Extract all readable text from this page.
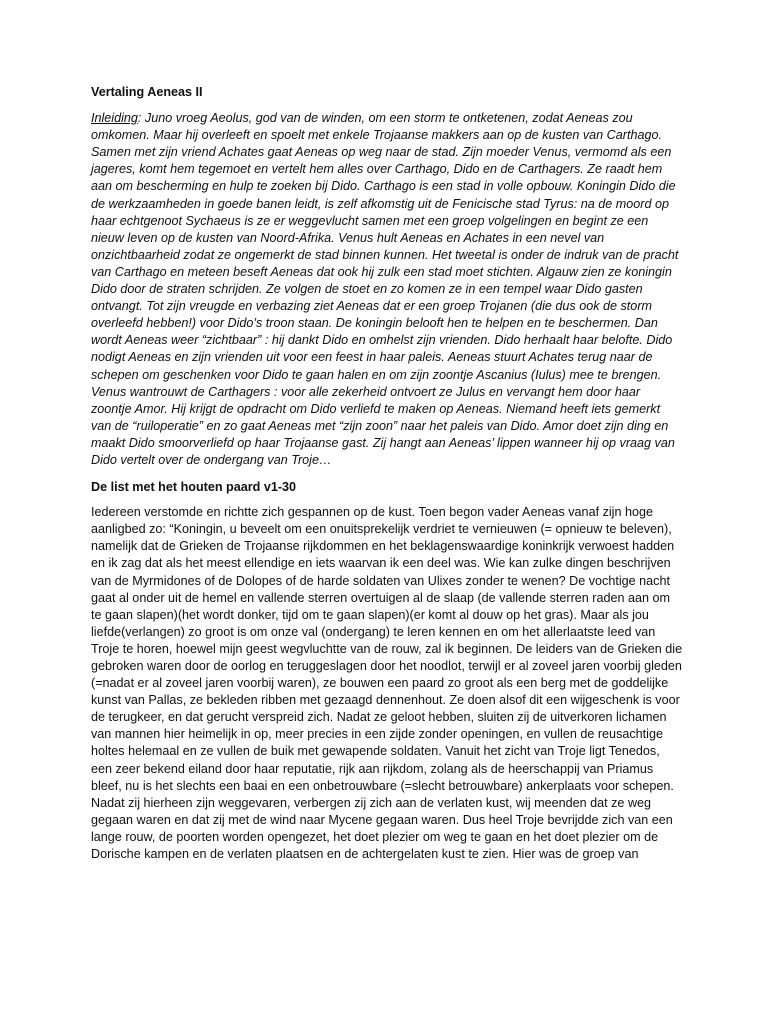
Vertaling Aeneas II

Inleiding: Juno vroeg Aeolus, god van de winden, om een storm te ontketenen, zodat Aeneas zou omkomen. Maar hij overleeft en spoelt met enkele Trojaanse makkers aan op de kusten van Carthago. Samen met zijn vriend Achates gaat Aeneas op weg naar de stad. Zijn moeder Venus, vermomd als een jageres, komt hem tegemoet en vertelt hem alles over Carthago, Dido en de Carthagers. Ze raadt hem aan om bescherming en hulp te zoeken bij Dido. Carthago is een stad in volle opbouw. Koningin Dido die de werkzaamheden in goede banen leidt, is zelf afkomstig uit de Fenicische stad Tyrus: na de moord op haar echtgenoot Sychaeus is ze er weggevlucht samen met een groep volgelingen en begint ze een nieuw leven op de kusten van Noord-Afrika. Venus hult Aeneas en Achates in een nevel van onzichtbaarheid zodat ze ongemerkt de stad binnen kunnen. Het tweetal is onder de indruk van de pracht van Carthago en meteen beseft Aeneas dat ook hij zulk een stad moet stichten. Algauw zien ze koningin Dido door de straten schrijden. Ze volgen de stoet en zo komen ze in een tempel waar Dido gasten ontvangt. Tot zijn vreugde en verbazing ziet Aeneas dat er een groep Trojanen (die dus ook de storm overleefd hebben!) voor Dido’s troon staan. De koningin belooft hen te helpen en te beschermen. Dan wordt Aeneas weer “zichtbaar” : hij dankt Dido en omhelst zijn vrienden. Dido herhaalt haar belofte. Dido nodigt Aeneas en zijn vrienden uit voor een feest in haar paleis. Aeneas stuurt Achates terug naar de schepen om geschenken voor Dido te gaan halen en om zijn zoontje Ascanius (Iulus) mee te brengen. Venus wantrouwt de Carthagers : voor alle zekerheid ontvoert ze Julus en vervangt hem door haar zoontje Amor. Hij krijgt de opdracht om Dido verliefd te maken op Aeneas. Niemand heeft iets gemerkt van de “ruiloperatie” en zo gaat Aeneas met “zijn zoon” naar het paleis van Dido. Amor doet zijn ding en maakt Dido smoorverliefd op haar Trojaanse gast. Zij hangt aan Aeneas’ lippen wanneer hij op vraag van Dido vertelt over de ondergang van Troje…

De list met het houten paard v1-30

Iedereen verstomde en richtte zich gespannen op de kust. Toen begon vader Aeneas vanaf zijn hoge aanligbed zo: “Koningin, u beveelt om een onuitsprekelijk verdriet te vernieuwen (= opnieuw te beleven), namelijk dat de Grieken de Trojaanse rijkdommen en het beklagenswaardige koninkrijk verwoest hadden en ik zag dat als het meest ellendige en iets waarvan ik een deel was. Wie kan zulke dingen beschrijven van de Myrmidones of de Dolopes of de harde soldaten van Ulixes zonder te wenen? De vochtige nacht gaat al onder uit de hemel en vallende sterren overtuigen al de slaap (de vallende sterren raden aan om te gaan slapen)(het wordt donker, tijd om te gaan slapen)(er komt al douw op het gras). Maar als jou liefde(verlangen) zo groot is om onze val (ondergang) te leren kennen en om het allerlaatste leed van Troje te horen, hoewel mijn geest wegvluchtte van de rouw, zal ik beginnen. De leiders van de Grieken die gebroken waren door de oorlog en teruggeslagen door het noodlot, terwijl er al zoveel jaren voorbij gleden (=nadat er al zoveel jaren voorbij waren), ze bouwen een paard zo groot als een berg met de goddelijke kunst van Pallas, ze bekleden ribben met gezaagd dennenhout. Ze doen alsof dit een wijgeschenk is voor de terugkeer, en dat gerucht verspreid zich. Nadat ze geloot hebben, sluiten zij de uitverkoren lichamen van mannen hier heimelijk in op, meer precies in een zijde zonder openingen, en vullen de reusachtige holtes helemaal en ze vullen de buik met gewapende soldaten. Vanuit het zicht van Troje ligt Tenedos, een zeer bekend eiland door haar reputatie, rijk aan rijkdom, zolang als de heerschappij van Priamus bleef, nu is het slechts een baai en een onbetrouwbare (=slecht betrouwbare) ankerplaats voor schepen. Nadat zij hierheen zijn weggevaren, verbergen zij zich aan de verlaten kust, wij meenden dat ze weg gegaan waren en dat zij met de wind naar Mycene gegaan waren. Dus heel Troje bevrijdde zich van een lange rouw, de poorten worden opengezet, het doet plezier om weg te gaan en het doet plezier om de Dorische kampen en de verlaten plaatsen en de achtergelaten kust te zien. Hier was de groep van
